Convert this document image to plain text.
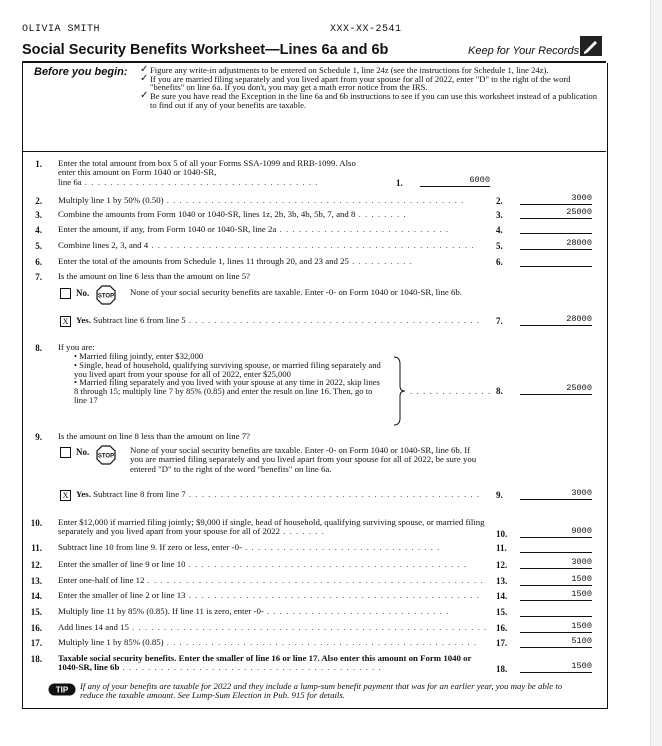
OLIVIA SMITH	XXX-XX-2541
Social Security Benefits Worksheet—Lines 6a and 6b	Keep for Your Records
Before you begin: ✓ Figure any write-in adjustments to be entered on Schedule 1, line 24z (see the instructions for Schedule 1, line 24z).
✓ If you are married filing separately and you lived apart from your spouse for all of 2022, enter "D" to the right of the word "benefits" on line 6a. If you don't, you may get a math error notice from the IRS.
✓ Be sure you have read the Exception in the line 6a and 6b instructions to see if you can use this worksheet instead of a publication to find out if any of your benefits are taxable.
1. Enter the total amount from box 5 of all your Forms SSA-1099 and RRB-1099. Also enter this amount on Form 1040 or 1040-SR,
line 6a . . . . . . . . . . . . . . . . . . . . . . . . . . . . . . . . . . . . .	1.	6000
2. Multiply line 1 by 50% (0.50) . . . . . . . . . . . . . . . . . . . . . . . . . . . . . . . . . . . . . . . . . . . . . . .	2.	3000
3. Combine the amounts from Form 1040 or 1040-SR, lines 1z, 2b, 3b, 4b, 5b, 7, and 8 . . . . . . . .	3.	25000
4. Enter the amount, if any, from Form 1040 or 1040-SR, line 2a . . . . . . . . . . . . . . . . . . . . . . . . . . .	4.
5. Combine lines 2, 3, and 4 . . . . . . . . . . . . . . . . . . . . . . . . . . . . . . . . . . . . . . . . . . . . . . . . . . .	5.	28000
6. Enter the total of the amounts from Schedule 1, lines 11 through 20, and 23 and 25 . . . . . . . . . .	6.
7. Is the amount on line 6 less than the amount on line 5?
No. STOP None of your social security benefits are taxable. Enter -0- on Form 1040 or 1040-SR, line 6b.
X Yes. Subtract line 6 from line 5 . . . . . . . . . . . . . . . . . . . . . . . . . . . . . . . . . . . . . . . . . . . . . .	7.	28000
8. If you are:
• Married filing jointly, enter $32,000
• Single, head of household, qualifying surviving spouse, or married filing separately and you lived apart from your spouse for all of 2022, enter $25,000
• Married filing separately and you lived with your spouse at any time in 2022, skip lines 8 through 15; multiply line 7 by 85% (0.85) and enter the result on line 16. Then, go to line 17
. . . . . . . . . . . . . 8.	25000
9. Is the amount on line 8 less than the amount on line 7?
No. STOP
None of your social security benefits are taxable. Enter -0- on Form 1040 or 1040-SR, line 6b. If you are married filing separately and you lived apart from your spouse for all of 2022, be sure you entered "D" to the right of the word "benefits" on line 6a.
X Yes. Subtract line 8 from line 7 . . . . . . . . . . . . . . . . . . . . . . . . . . . . . . . . . . . . . . . . . . . . . .	9.	3000
10. Enter $12,000 if married filing jointly; $9,000 if single, head of household, qualifying surviving spouse, or married filing separately and you lived apart from your spouse for all of 2022 . . . . . . .	10.	9000
11. Subtract line 10 from line 9. If zero or less, enter -0- . . . . . . . . . . . . . . . . . . . . . . . . . . . . . . .	11.
12. Enter the smaller of line 9 or line 10 . . . . . . . . . . . . . . . . . . . . . . . . . . . . . . . . . . . . . . . . . . . .	12.	3000
13. Enter one-half of line 12 . . . . . . . . . . . . . . . . . . . . . . . . . . . . . . . . . . . . . . . . . . . . . . . . . . . . .	13.	1500
14. Enter the smaller of line 2 or line 13 . . . . . . . . . . . . . . . . . . . . . . . . . . . . . . . . . . . . . . . . . . . . . .	14.	1500
15. Multiply line 11 by 85% (0.85). If line 11 is zero, enter -0- . . . . . . . . . . . . . . . . . . . . . . . . . . . . .	15.
16. Add lines 14 and 15 . . . . . . . . . . . . . . . . . . . . . . . . . . . . . . . . . . . . . . . . . . . . . . . . . . . . . . . . 16.	1500
17. Multiply line 1 by 85% (0.85) . . . . . . . . . . . . . . . . . . . . . . . . . . . . . . . . . . . . . . . . . . . . . . . . .	17.	5100
18. Taxable social security benefits. Enter the smaller of line 16 or line 17. Also enter this amount on Form 1040 or 1040-SR, line 6b . . . . . . . . . . . . . . . . . . . . . . . . . . . . . . . . . . . . . . . . .	18.	1500
TIP If any of your benefits are taxable for 2022 and they include a lump-sum benefit payment that was for an earlier year, you may be able to reduce the taxable amount. See Lump-Sum Election in Pub. 915 for details.
